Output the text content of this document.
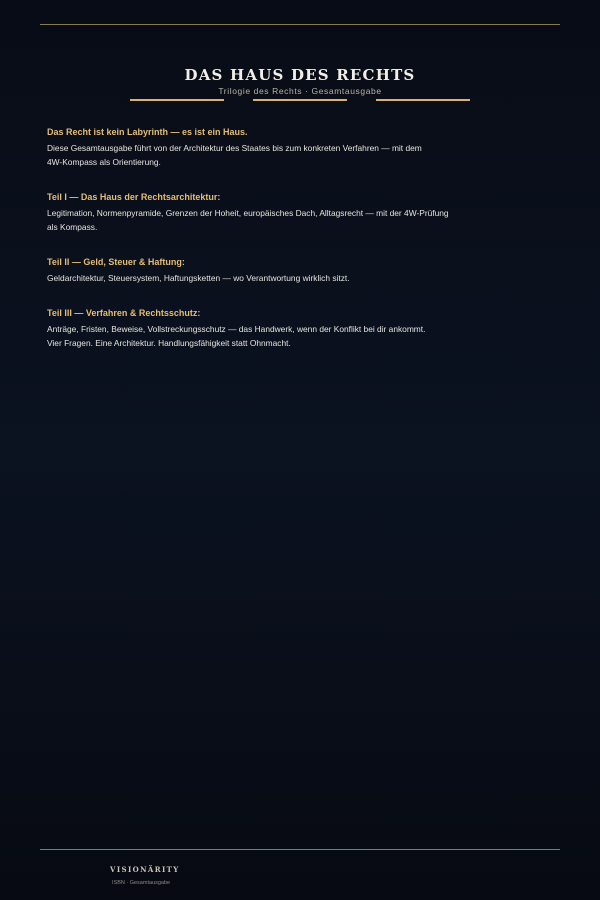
DAS HAUS DES RECHTS
Trilogie des Rechts · Gesamtausgabe
Das Recht ist kein Labyrinth — es ist ein Haus.
Diese Gesamtausgabe führt von der Architektur des Staates bis zum konkreten Verfahren — mit dem
4W-Kompass als Orientierung.
Teil I — Das Haus der Rechtsarchitektur:
Legitimation, Normenpyramide, Grenzen der Hoheit, europäisches Dach, Alltagsrecht — mit der 4W-Prüfung
als Kompass.
Teil II — Geld, Steuer & Haftung:
Geldarchitektur, Steuersystem, Haftungsketten — wo Verantwortung wirklich sitzt.
Teil III — Verfahren & Rechtsschutz:
Anträge, Fristen, Beweise, Vollstreckungsschutz — das Handwerk, wenn der Konflikt bei dir ankommt.
Vier Fragen. Eine Architektur. Handlungsfähigkeit statt Ohnmacht.
VISIONÄRITY
ISBN · Gesamtausgabe
